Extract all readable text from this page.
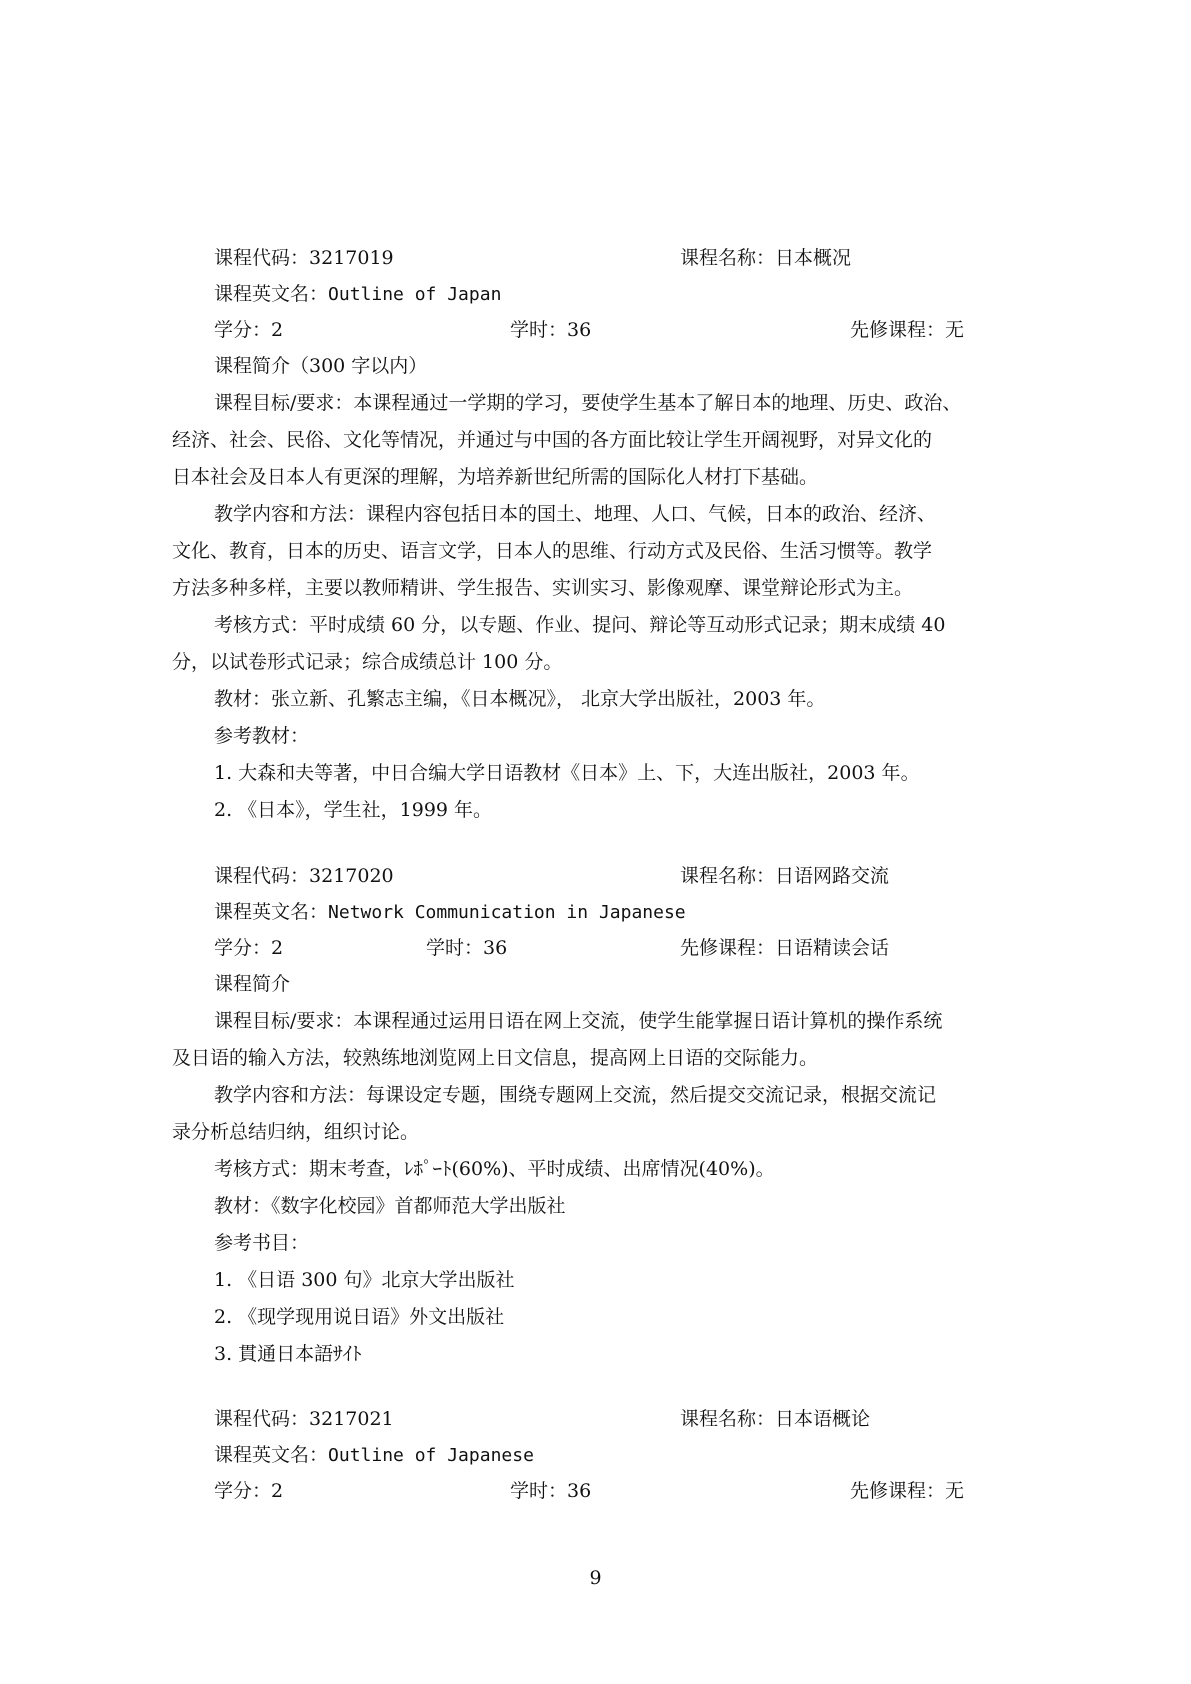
课程代码：3217019	课程名称：日本概况
课程英文名：Outline of Japan
学分：2	学时：36	先修课程：无
课程简介（300 字以内）
课程目标/要求：本课程通过一学期的学习，要使学生基本了解日本的地理、历史、政治、
经济、社会、民俗、文化等情况，并通过与中国的各方面比较让学生开阔视野，对异文化的
日本社会及日本人有更深的理解，为培养新世纪所需的国际化人材打下基础。
教学内容和方法：课程内容包括日本的国土、地理、人口、气候，日本的政治、经济、
文化、教育，日本的历史、语言文学，日本人的思维、行动方式及民俗、生活习惯等。教学
方法多种多样，主要以教师精讲、学生报告、实训实习、影像观摩、课堂辩论形式为主。
考核方式：平时成绩 60 分，以专题、作业、提问、辩论等互动形式记录；期末成绩 40
分，以试卷形式记录；综合成绩总计 100 分。
教材：张立新、孔繁志主编，《日本概况》， 北京大学出版社，2003 年。
参考教材：
1. 大森和夫等著，中日合编大学日语教材《日本》上、下，大连出版社，2003 年。
2. 《日本》，学生社，1999 年。
课程代码：3217020	课程名称：日语网路交流
课程英文名：Network Communication in Japanese
学分：2	学时：36	先修课程：日语精读会话
课程简介
课程目标/要求：本课程通过运用日语在网上交流，使学生能掌握日语计算机的操作系统
及日语的输入方法，较熟练地浏览网上日文信息，提高网上日语的交际能力。
教学内容和方法：每课设定专题，围绕专题网上交流，然后提交交流记录，根据交流记
录分析总结归纳，组织讨论。
考核方式：期末考查，ﾚﾎﾟｰﾄ(60%)、平时成绩、出席情况(40%)。
教材：《数字化校园》首都师范大学出版社
参考书目：
1. 《日语 300 句》北京大学出版社
2. 《现学现用说日语》外文出版社
3. 貫通日本語ｻｲﾄ
课程代码：3217021	课程名称：日本语概论
课程英文名：Outline of Japanese
学分：2	学时：36	先修课程：无
9
